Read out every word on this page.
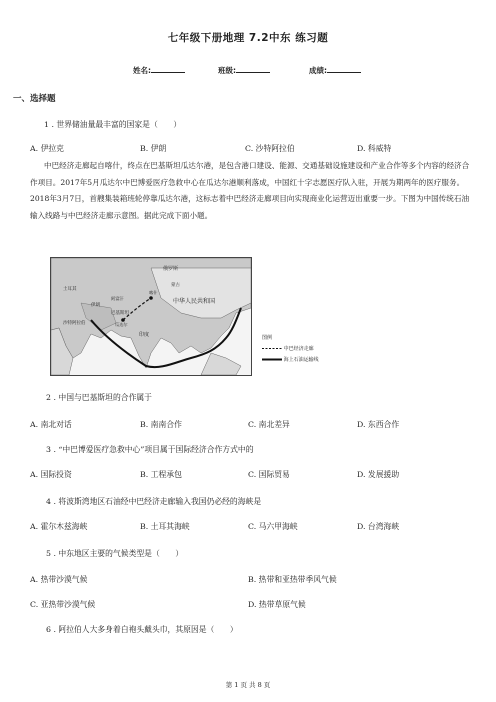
七年级下册地理 7.2中东 练习题
姓名:	班级:	成绩:
一、选择题
1 . 世界储油量最丰富的国家是（　　）
A. 伊拉克	B. 伊朗	C. 沙特阿拉伯	D. 科威特
中巴经济走廊起自喀什，终点在巴基斯坦瓜达尔港，是包含港口建设、能源、交通基础设施建设和产业合作等多个内容的经济合作项目。2017年5月瓜达尔中巴博爱医疗急救中心在瓜达尔港顺利落成，中国红十字志愿医疗队入驻，开展为期两年的医疗服务。2018年3月7日，首艘集装箱班轮停靠瓜达尔港，这标志着中巴经济走廊项目向实现商业化运营迈出重要一步。下图为中国传统石油输入线路与中巴经济走廊示意图。据此完成下面小题。
俄罗斯
蒙古
中华人民共和国
巴基斯坦
印度
伊朗
土耳其
沙特阿拉伯
阿富汗
瓜达尔
喀什
图例
中巴经济走廊
海上石油运输线
2 . 中国与巴基斯坦的合作属于
A. 南北对话	B. 南南合作	C. 南北差异	D. 东西合作
3 . “中巴博爱医疗急救中心”项目属于国际经济合作方式中的
A. 国际投资	B. 工程承包	C. 国际贸易	D. 发展援助
4 . 将波斯湾地区石油经中巴经济走廊输入我国仍必经的海峡是
A. 霍尔木兹海峡	B. 土耳其海峡	C. 马六甲海峡	D. 台湾海峡
5 . 中东地区主要的气候类型是（　　）
A. 热带沙漠气候	B. 热带和亚热带季风气候
C. 亚热带沙漠气候	D. 热带草原气候
6 . 阿拉伯人大多身着白袍头戴头巾，其原因是（　　）
第 1 页 共 8 页
